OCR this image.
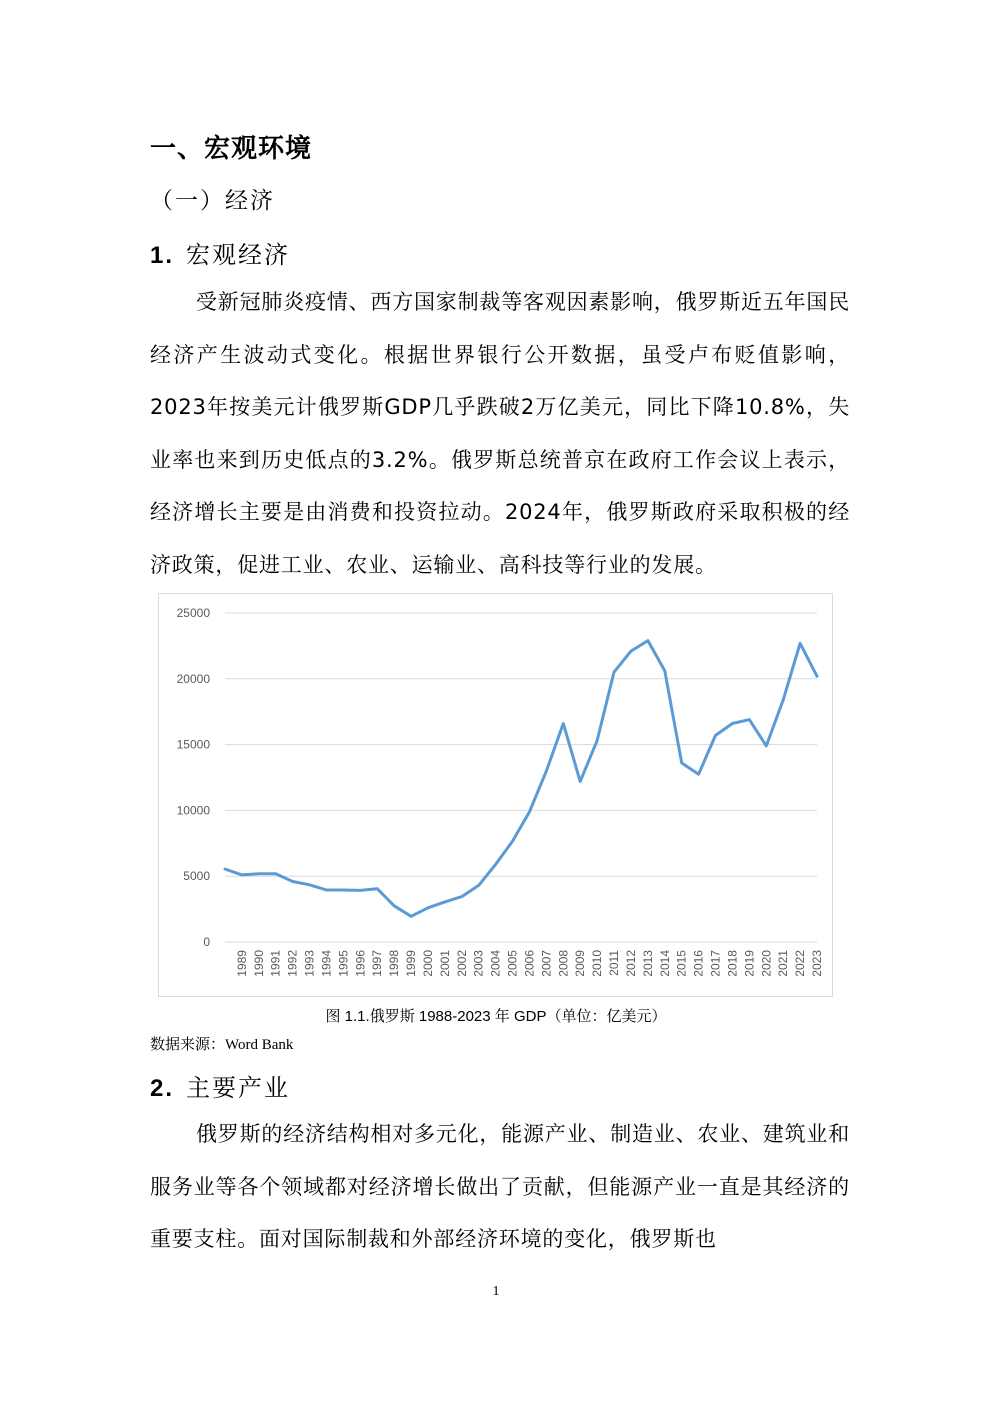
一、宏观环境
（一）经济
1. 宏观经济
受新冠肺炎疫情、西方国家制裁等客观因素影响，俄罗斯近五年国民经济产生波动式变化。根据世界银行公开数据，虽受卢布贬值影响，2023年按美元计俄罗斯GDP几乎跌破2万亿美元，同比下降10.8%，失业率也来到历史低点的3.2%。俄罗斯总统普京在政府工作会议上表示，经济增长主要是由消费和投资拉动。2024年，俄罗斯政府采取积极的经济政策，促进工业、农业、运输业、高科技等行业的发展。
0
5000
10000
15000
20000
25000
1989 1990 1991 1992 1993 1994 1995 1996 1997 1998 1999 2000 2001 2002 2003 2004 2005 2006 2007 2008 2009 2010 2011 2012 2013 2014 2015 2016 2017 2018 2019 2020 2021 2022 2023
图 1.1.俄罗斯 1988-2023 年 GDP（单位：亿美元）
数据来源：Word Bank
2. 主要产业
俄罗斯的经济结构相对多元化，能源产业、制造业、农业、建筑业和服务业等各个领域都对经济增长做出了贡献，但能源产业一直是其经济的重要支柱。面对国际制裁和外部经济环境的变化，俄罗斯也
1
